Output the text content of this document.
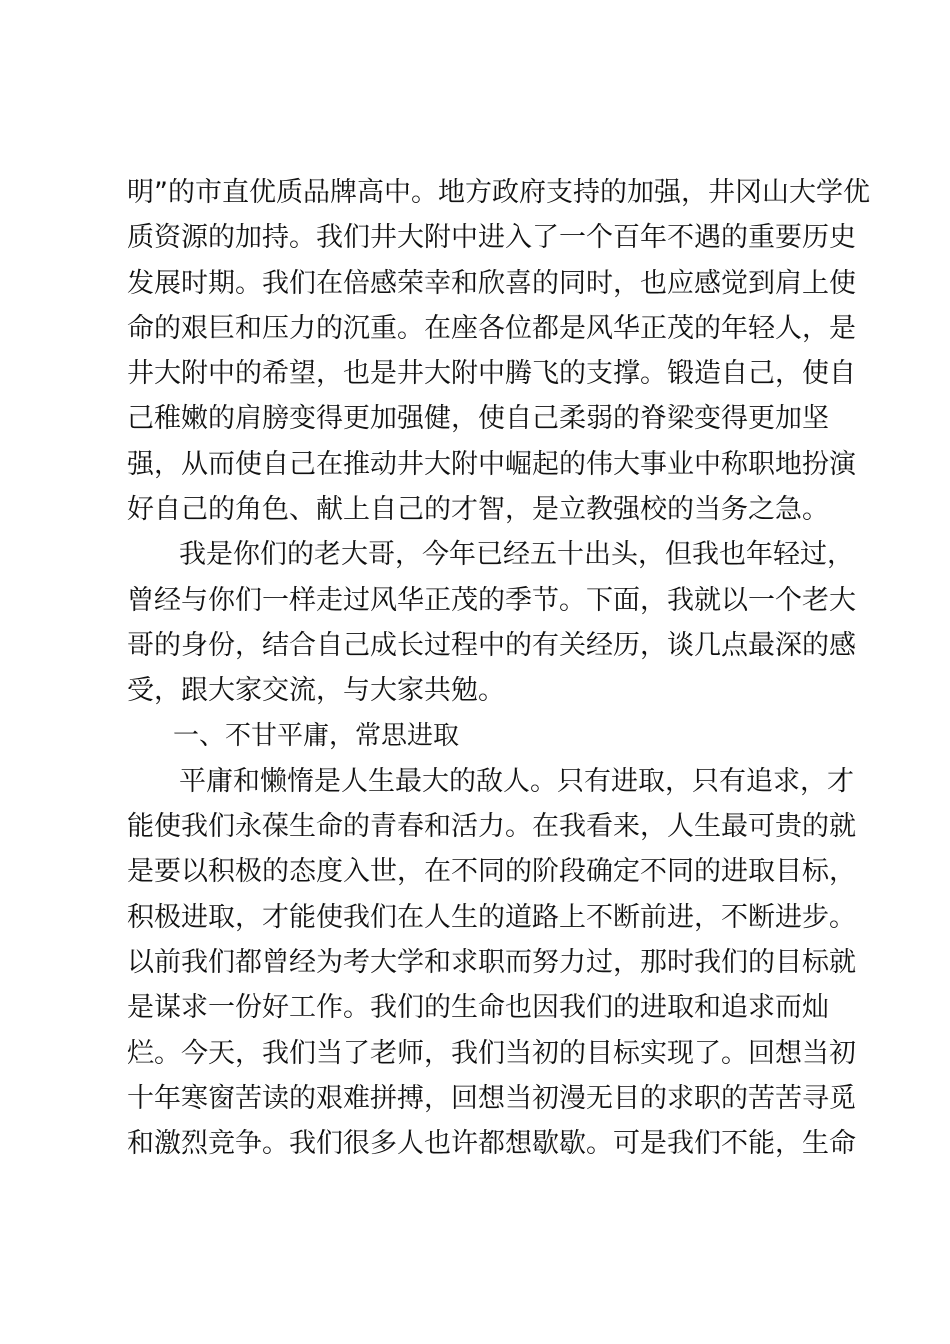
明”的市直优质品牌高中。地方政府支持的加强，井冈山大学优
质资源的加持。我们井大附中进入了一个百年不遇的重要历史
发展时期。我们在倍感荣幸和欣喜的同时，也应感觉到肩上使
命的艰巨和压力的沉重。在座各位都是风华正茂的年轻人，是
井大附中的希望，也是井大附中腾飞的支撑。锻造自己，使自
己稚嫩的肩膀变得更加强健，使自己柔弱的脊梁变得更加坚
强，从而使自己在推动井大附中崛起的伟大事业中称职地扮演
好自己的角色、献上自己的才智，是立教强校的当务之急。
我是你们的老大哥，今年已经五十出头，但我也年轻过，
曾经与你们一样走过风华正茂的季节。下面，我就以一个老大
哥的身份，结合自己成长过程中的有关经历，谈几点最深的感
受，跟大家交流，与大家共勉。
一、不甘平庸，常思进取
平庸和懒惰是人生最大的敌人。只有进取，只有追求，才
能使我们永葆生命的青春和活力。在我看来，人生最可贵的就
是要以积极的态度入世，在不同的阶段确定不同的进取目标，
积极进取，才能使我们在人生的道路上不断前进，不断进步。
以前我们都曾经为考大学和求职而努力过，那时我们的目标就
是谋求一份好工作。我们的生命也因我们的进取和追求而灿
烂。今天，我们当了老师，我们当初的目标实现了。回想当初
十年寒窗苦读的艰难拼搏，回想当初漫无目的求职的苦苦寻觅
和激烈竞争。我们很多人也许都想歇歇。可是我们不能，生命
